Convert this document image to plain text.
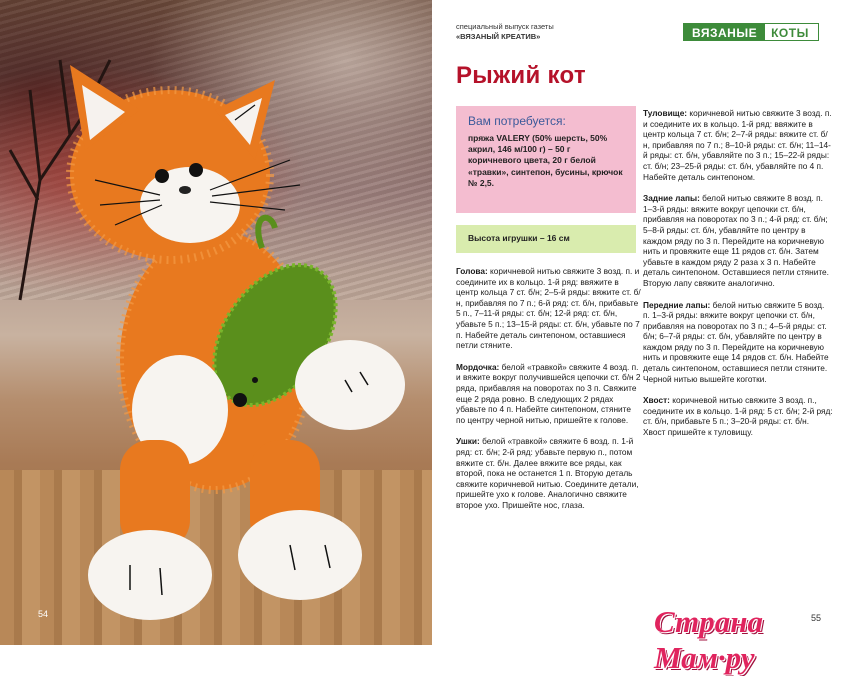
54
специальный выпуск газеты
«ВЯЗАНЫЙ КРЕАТИВ»	ВЯЗАНЫЕ	КОТЫ
Рыжий кот
Вам потребуется:
пряжа VALERY (50% шерсть, 50% акрил, 146 м/100 г) – 50 г коричневого цвета, 20 г белой «травки», синтепон, бусины, крючок № 2,5.
Высота игрушки – 16 см
Голова: коричневой нитью свяжите 3 возд. п. и соедините их в кольцо. 1-й ряд: ввяжите в центр кольца 7 ст. б/н; 2–5-й ряды: вяжите ст. б/н, прибавляя по 7 п.; 6-й ряд: ст. б/н, прибавьте 5 п., 7–11-й ряды: ст. б/н; 12-й ряд: ст. б/н, убавьте 5 п.; 13–15-й ряды: ст. б/н, убавьте по 7 п. Набейте деталь синтепоном, оставшиеся петли стяните.
Мордочка: белой «травкой» свяжите 4 возд. п. и вяжите вокруг получившейся цепочки ст. б/н 2 ряда, прибавляя на поворотах по 3 п. Свяжите еще 2 ряда ровно. В следующих 2 рядах убавьте по 4 п. Набейте синтепоном, стяните по центру черной нитью, пришейте к голове.
Ушки: белой «травкой» свяжите 6 возд. п. 1-й ряд: ст. б/н; 2-й ряд: убавьте первую п., потом вяжите ст. б/н. Далее вяжите все ряды, как второй, пока не останется 1 п. Вторую деталь свяжите коричневой нитью. Соедините детали, пришейте ухо к голове. Аналогично свяжите второе ухо. Пришейте нос, глаза.
Туловище: коричневой нитью свяжите 3 возд. п. и соедините их в кольцо. 1-й ряд: ввяжите в центр кольца 7 ст. б/н; 2–7-й ряды: вяжите ст. б/н, прибавляя по 7 п.; 8–10-й ряды: ст. б/н; 11–14-й ряды: ст. б/н, убавляйте по 3 п.; 15–22-й ряды: ст. б/н; 23–25-й ряды: ст. б/н, убавляйте по 4 п. Набейте деталь синтепоном.
Задние лапы: белой нитью свяжите 8 возд. п. 1–3-й ряды: вяжите вокруг цепочки ст. б/н, прибавляя на поворотах по 3 п.; 4-й ряд: ст. б/н; 5–8-й ряды: ст. б/н, убавляйте по центру в каждом ряду по 3 п. Перейдите на коричневую нить и провяжите еще 11 рядов ст. б/н. Затем убавьте в каждом ряду 2 раза х 3 п. Набейте деталь синтепоном. Оставшиеся петли стяните. Вторую лапу свяжите аналогично.
Передние лапы: белой нитью свяжите 5 возд. п. 1–3-й ряды: вяжите вокруг цепочки ст. б/н, прибавляя на поворотах по 3 п.; 4–5-й ряды: ст. б/н; 6–7-й ряды: ст. б/н, убавляйте по центру в каждом ряду по 3 п. Перейдите на коричневую нить и провяжите еще 14 рядов ст. б/н. Набейте деталь синтепоном, оставшиеся петли стяните. Черной нитью вышейте коготки.
Хвост: коричневой нитью свяжите 3 возд. п., соедините их в кольцо. 1-й ряд: 5 ст. б/н; 2-й ряд: ст. б/н, прибавьте 5 п.; 3–20-й ряды: ст. б/н. Хвост пришейте к туловищу.
55
Страна Мам·ру
